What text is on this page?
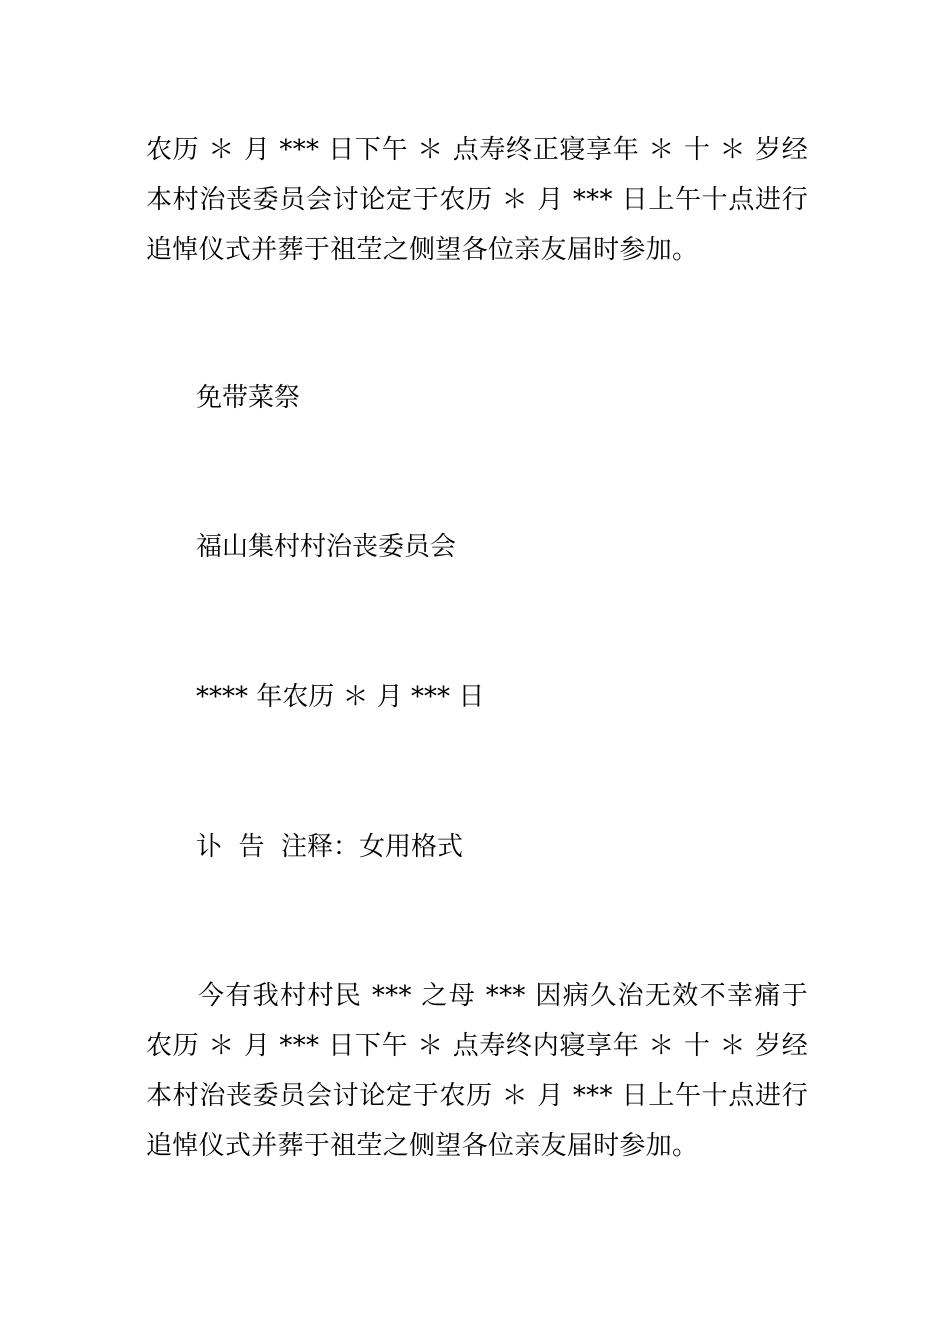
农历 ＊ 月 *** 日下午 ＊ 点寿终正寝享年 ＊ 十 ＊ 岁经本村治丧委员会讨论定于农历 ＊ 月 *** 日上午十点进行追悼仪式并葬于祖茔之侧望各位亲友届时参加。
免带菜祭
福山集村村治丧委员会
**** 年农历 ＊ 月 *** 日
讣  告  注释：女用格式
今有我村村民 *** 之母 *** 因病久治无效不幸痛于农历 ＊ 月 *** 日下午 ＊ 点寿终内寝享年 ＊ 十 ＊ 岁经本村治丧委员会讨论定于农历 ＊ 月 *** 日上午十点进行追悼仪式并葬于祖茔之侧望各位亲友届时参加。
